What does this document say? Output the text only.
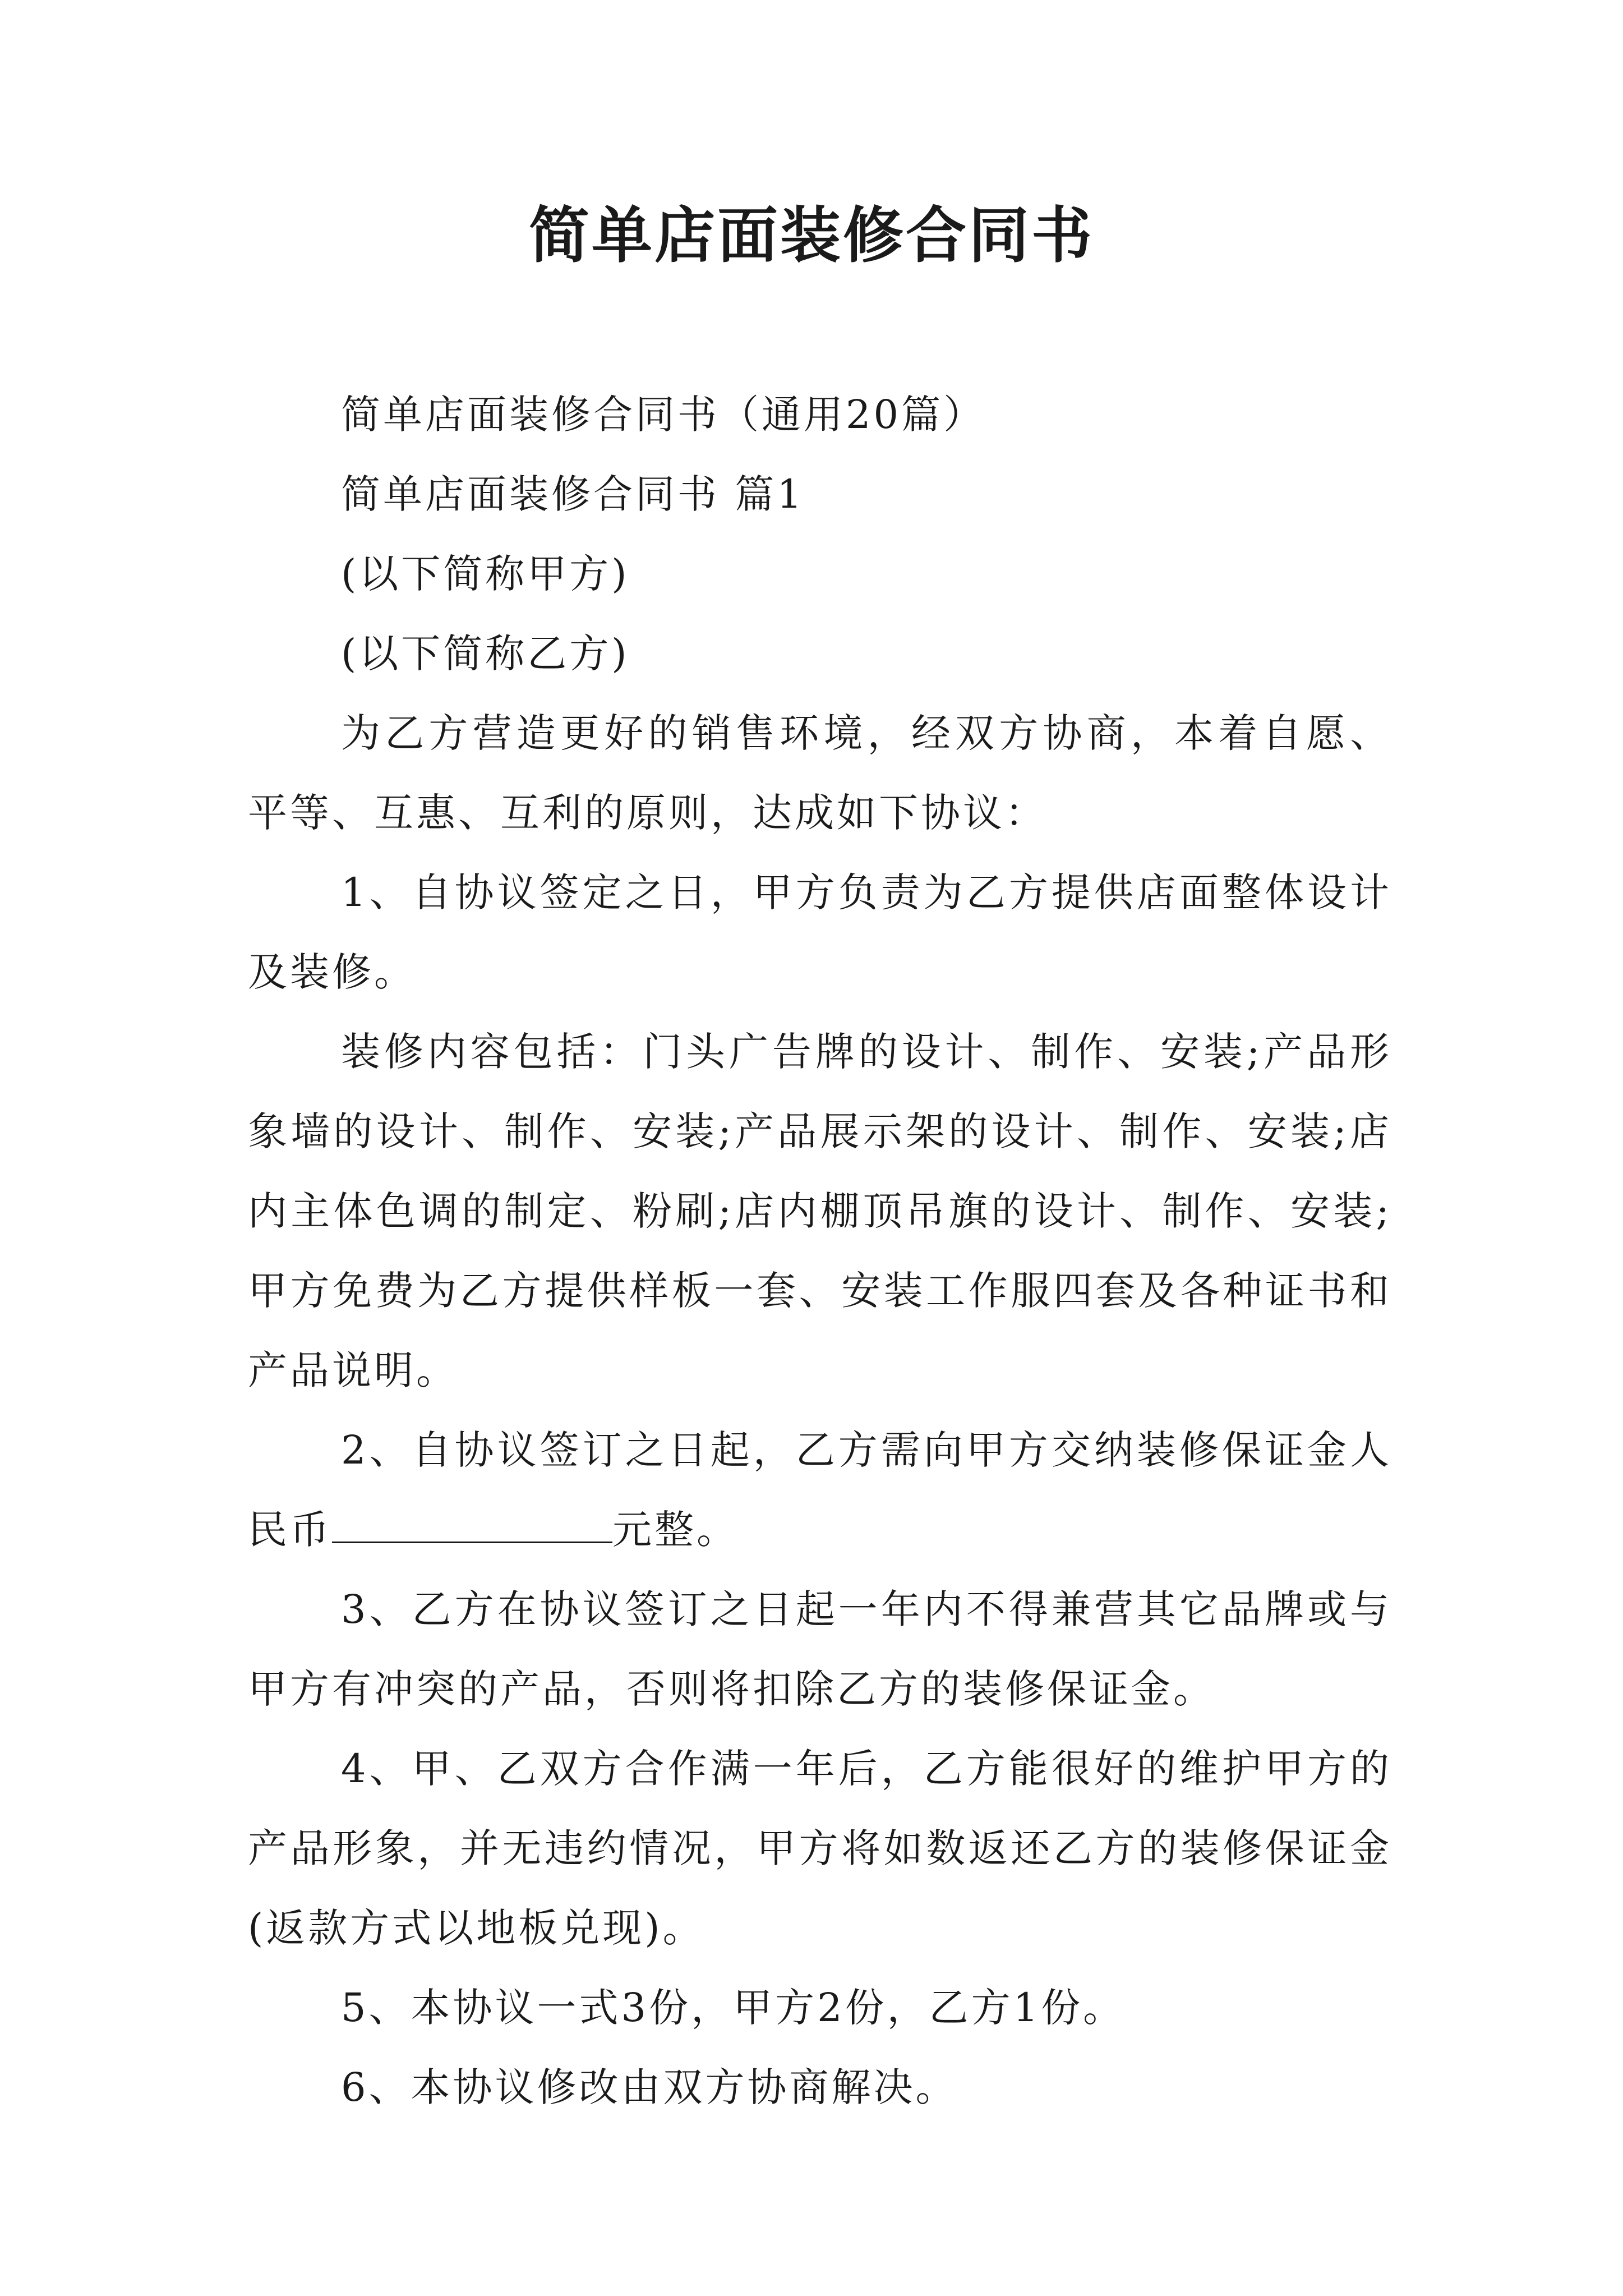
简单店面装修合同书

简单店面装修合同书（通用20篇）

简单店面装修合同书 篇1

(以下简称甲方)

(以下简称乙方)

为乙方营造更好的销售环境，经双方协商，本着自愿、平等、互惠、互利的原则，达成如下协议：

1、自协议签定之日，甲方负责为乙方提供店面整体设计及装修。

装修内容包括：门头广告牌的设计、制作、安装;产品形象墙的设计、制作、安装;产品展示架的设计、制作、安装;店内主体色调的制定、粉刷;店内棚顶吊旗的设计、制作、安装;甲方免费为乙方提供样板一套、安装工作服四套及各种证书和产品说明。

2、自协议签订之日起，乙方需向甲方交纳装修保证金人民币	元整。

3、乙方在协议签订之日起一年内不得兼营其它品牌或与甲方有冲突的产品，否则将扣除乙方的装修保证金。

4、甲、乙双方合作满一年后，乙方能很好的维护甲方的产品形象，并无违约情况，甲方将如数返还乙方的装修保证金(返款方式以地板兑现)。

5、本协议一式3份，甲方2份，乙方1份。

6、本协议修改由双方协商解决。
